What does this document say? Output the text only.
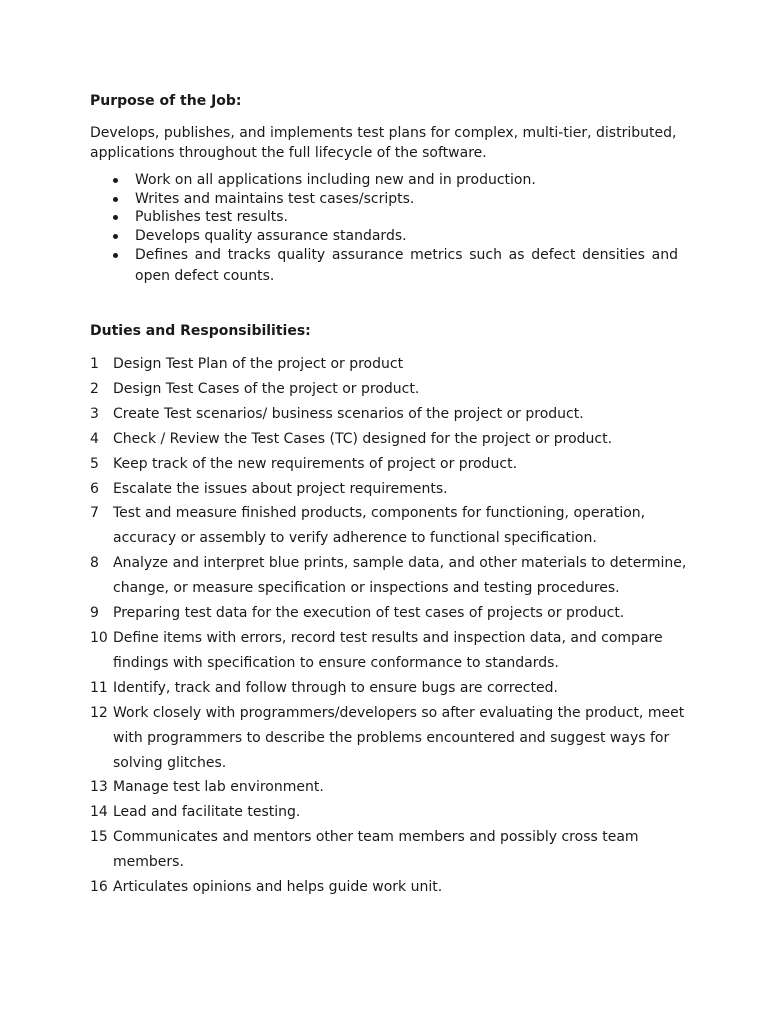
Purpose of the Job:

Develops, publishes, and implements test plans for complex, multi-tier, distributed, applications throughout the full lifecycle of the software.

Work on all applications including new and in production.
Writes and maintains test cases/scripts.
Publishes test results.
Develops quality assurance standards.
Defines and tracks quality assurance metrics such as defect densities and open defect counts.
Duties and Responsibilities:
1 Design Test Plan of the project or product
2 Design Test Cases of the project or product.
3 Create Test scenarios/ business scenarios of the project or product.
4 Check / Review the Test Cases (TC) designed for the project or product.
5 Keep track of the new requirements of project or product.
6 Escalate the issues about project requirements.
7 Test and measure finished products, components for functioning, operation, accuracy or assembly to verify adherence to functional specification.
8 Analyze and interpret blue prints, sample data, and other materials to determine, change, or measure specification or inspections and testing procedures.
9 Preparing test data for the execution of test cases of projects or product.
10 Define items with errors, record test results and inspection data, and compare findings with specification to ensure conformance to standards.
11 Identify, track and follow through to ensure bugs are corrected.
12 Work closely with programmers/developers so after evaluating the product, meet with programmers to describe the problems encountered and suggest ways for solving glitches.
13 Manage test lab environment.
14 Lead and facilitate testing.
15 Communicates and mentors other team members and possibly cross team members.
16 Articulates opinions and helps guide work unit.
